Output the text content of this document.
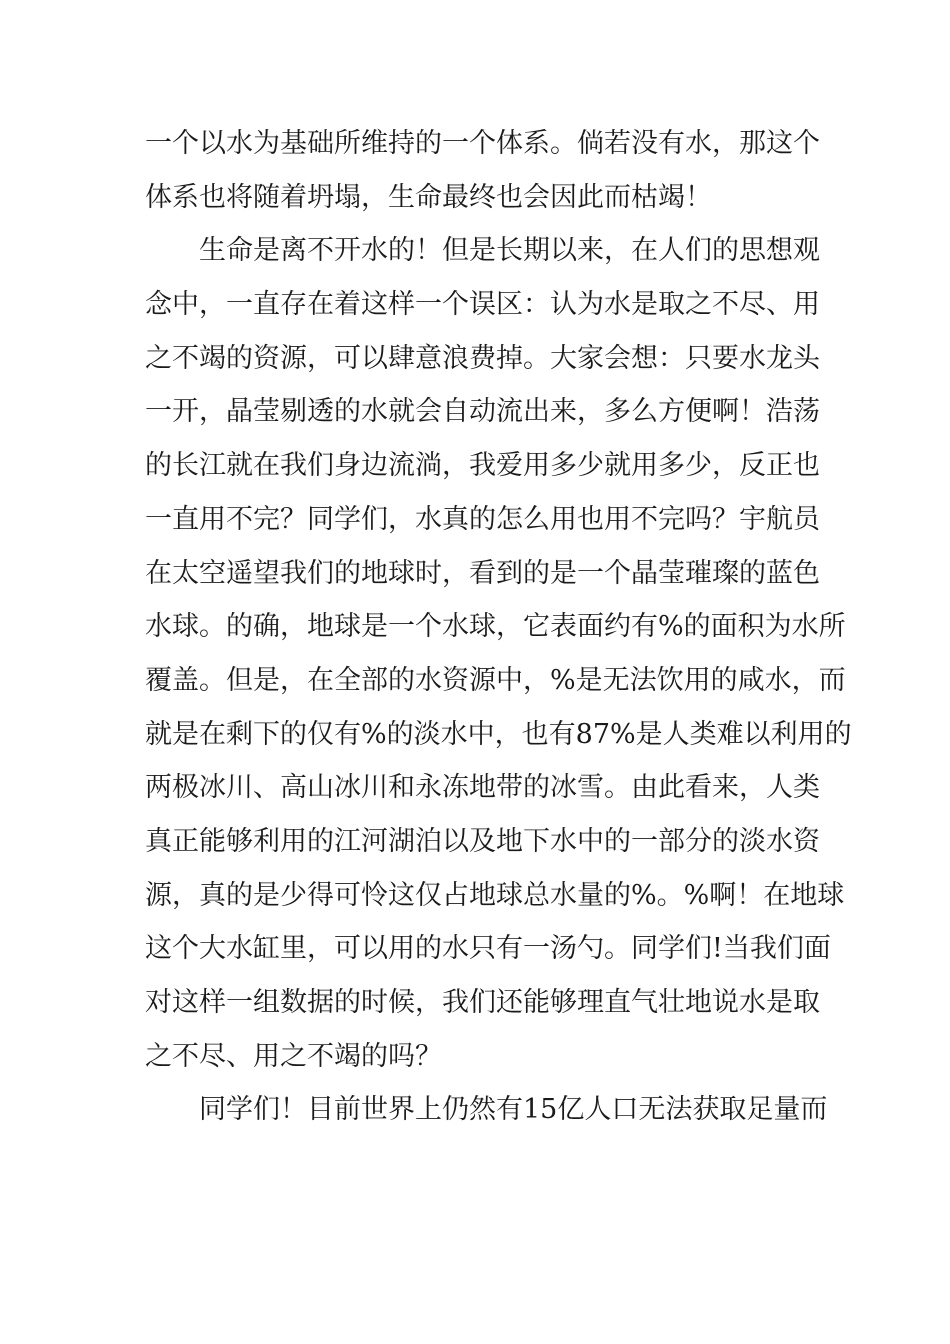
一个以水为基础所维持的一个体系。倘若没有水，那这个
体系也将随着坍塌，生命最终也会因此而枯竭！
生命是离不开水的！但是长期以来，在人们的思想观
念中，一直存在着这样一个误区：认为水是取之不尽、用
之不竭的资源，可以肆意浪费掉。大家会想：只要水龙头
一开，晶莹剔透的水就会自动流出来，多么方便啊！浩荡
的长江就在我们身边流淌，我爱用多少就用多少，反正也
一直用不完？同学们，水真的怎么用也用不完吗？宇航员
在太空遥望我们的地球时，看到的是一个晶莹璀璨的蓝色
水球。的确，地球是一个水球，它表面约有%的面积为水所
覆盖。但是，在全部的水资源中，%是无法饮用的咸水，而
就是在剩下的仅有%的淡水中，也有87%是人类难以利用的
两极冰川、高山冰川和永冻地带的冰雪。由此看来，人类
真正能够利用的江河湖泊以及地下水中的一部分的淡水资
源，真的是少得可怜这仅占地球总水量的%。%啊！在地球
这个大水缸里，可以用的水只有一汤勺。同学们!当我们面
对这样一组数据的时候，我们还能够理直气壮地说水是取
之不尽、用之不竭的吗？
同学们！目前世界上仍然有15亿人口无法获取足量而
